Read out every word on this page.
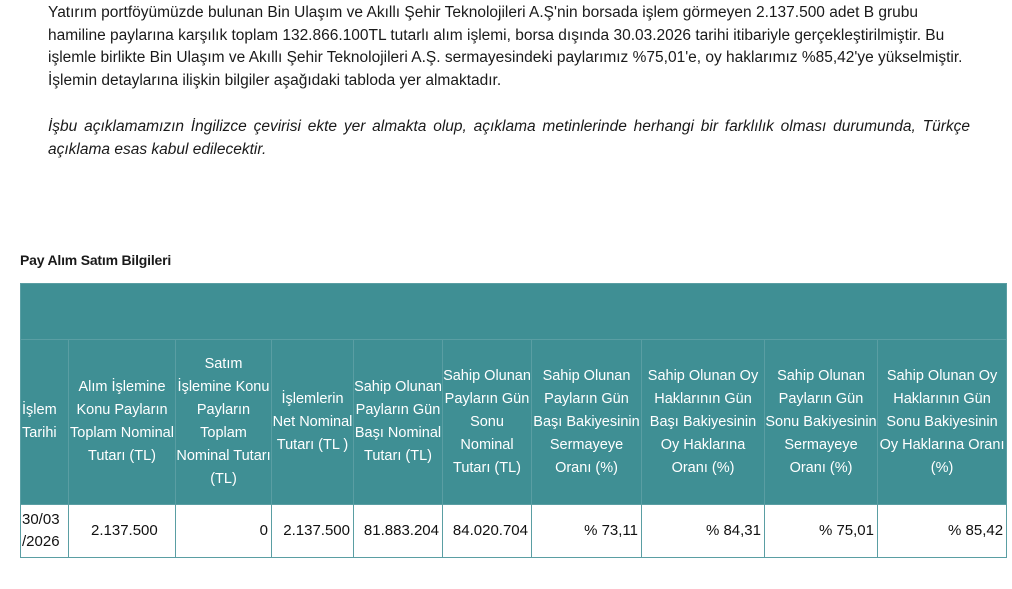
Yatırım portföyümüzde bulunan Bin Ulaşım ve Akıllı Şehir Teknolojileri A.Ş'nin borsada işlem görmeyen 2.137.500 adet B grubu hamiline paylarına karşılık toplam 132.866.100TL tutarlı alım işlemi, borsa dışında 30.03.2026 tarihi itibariyle gerçekleştirilmiştir. Bu işlemle birlikte Bin Ulaşım ve Akıllı Şehir Teknolojileri A.Ş. sermayesindeki paylarımız %75,01'e, oy haklarımız %85,42'ye yükselmiştir. İşlemin detaylarına ilişkin bilgiler aşağıdaki tabloda yer almaktadır.

İşbu açıklamamızın İngilizce çevirisi ekte yer almakta olup, açıklama metinlerinde herhangi bir farklılık olması durumunda, Türkçe açıklama esas kabul edilecektir.

Pay Alım Satım Bilgileri

İşlem Tarihi	Alım İşlemine Konu Payların Toplam Nominal Tutarı (TL)	Satım İşlemine Konu Payların Toplam Nominal Tutarı (TL)	İşlemlerin Net Nominal Tutarı (TL )	Sahip Olunan Payların Gün Başı Nominal Tutarı (TL)	Sahip Olunan Payların Gün Sonu Nominal Tutarı (TL)	Sahip Olunan Payların Gün Başı Bakiyesinin Sermayeye Oranı (%)	Sahip Olunan Oy Haklarının Gün Başı Bakiyesinin Oy Haklarına Oranı (%)	Sahip Olunan Payların Gün Sonu Bakiyesinin Sermayeye Oranı (%)	Sahip Olunan Oy Haklarının Gün Sonu Bakiyesinin Oy Haklarına Oranı (%)
30/03 /2026	2.137.500	0	2.137.500	81.883.204	84.020.704	% 73,11	% 84,31	% 75,01	% 85,42
